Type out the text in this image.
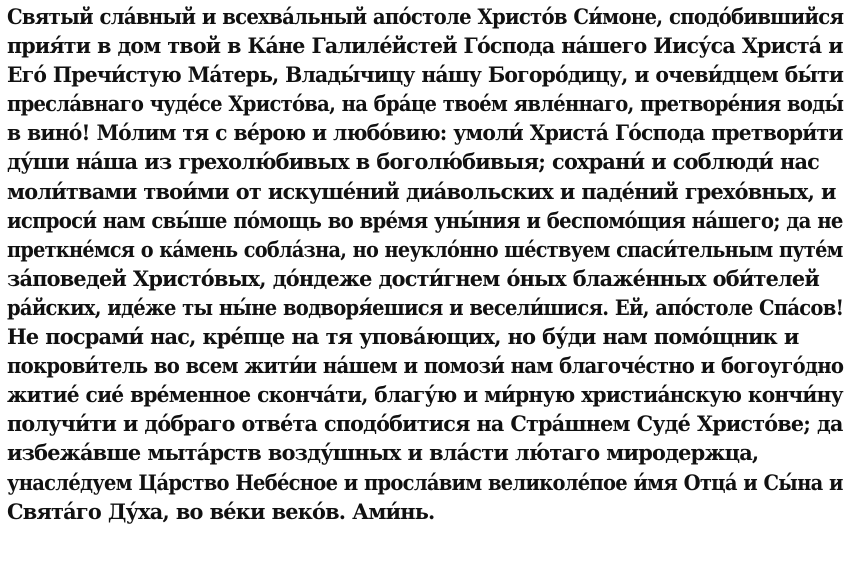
Святый сла́вный и всехва́льный апо́столе Христо́в Си́моне, сподо́бившийся
прия́ти в дом твой в Ка́не Галиле́йстей Го́спода на́шего Иису́са Христа́ и
Его́ Пречи́стую Ма́терь, Влады́чицу на́шу Богоро́дицу, и очеви́дцем бы́ти
пресла́внаго чуде́се Христо́ва, на бра́це твое́м явле́ннаго, претворе́ния воды́
в вино́! Мо́лим тя с ве́рою и любо́вию: умоли́ Христа́ Го́спода претвори́ти
ду́ши на́ша из грехолю́бивых в боголю́бивыя; сохрани́ и соблюди́ нас
моли́твами твои́ми от искуше́ний диа́вольских и паде́ний грехо́вных, и
испроси́ нам свы́ше по́мощь во вре́мя уны́ния и беспомо́щия на́шего; да не
преткне́мся о ка́мень собла́зна, но неукло́нно ше́ствуем спаси́тельным путе́м
за́поведей Христо́вых, до́ндеже дости́гнем о́ных блаже́нных оби́телей
ра́йских, иде́же ты ны́не водворя́ешися и весели́шися. Ей, апо́столе Спа́сов!
Не посрами́ нас, кре́пце на тя упова́ющих, но бу́ди нам помо́щник и
покрови́тель во всем жити́и на́шем и помози́ нам благоче́стно и богоуго́дно
житие́ сие́ вре́менное сконча́ти, благу́ю и ми́рную христиа́нскую кончи́ну
получи́ти и до́браго отве́та сподо́битися на Стра́шнем Суде́ Христо́ве; да
избежа́вше мыта́рств возду́шных и вла́сти лю́таго миродержца,
унасле́дуем Ца́рство Небе́сное и просла́вим великоле́пое и́мя Отца́ и Сы́на и
Свята́го Ду́ха, во ве́ки веко́в. Ами́нь.
